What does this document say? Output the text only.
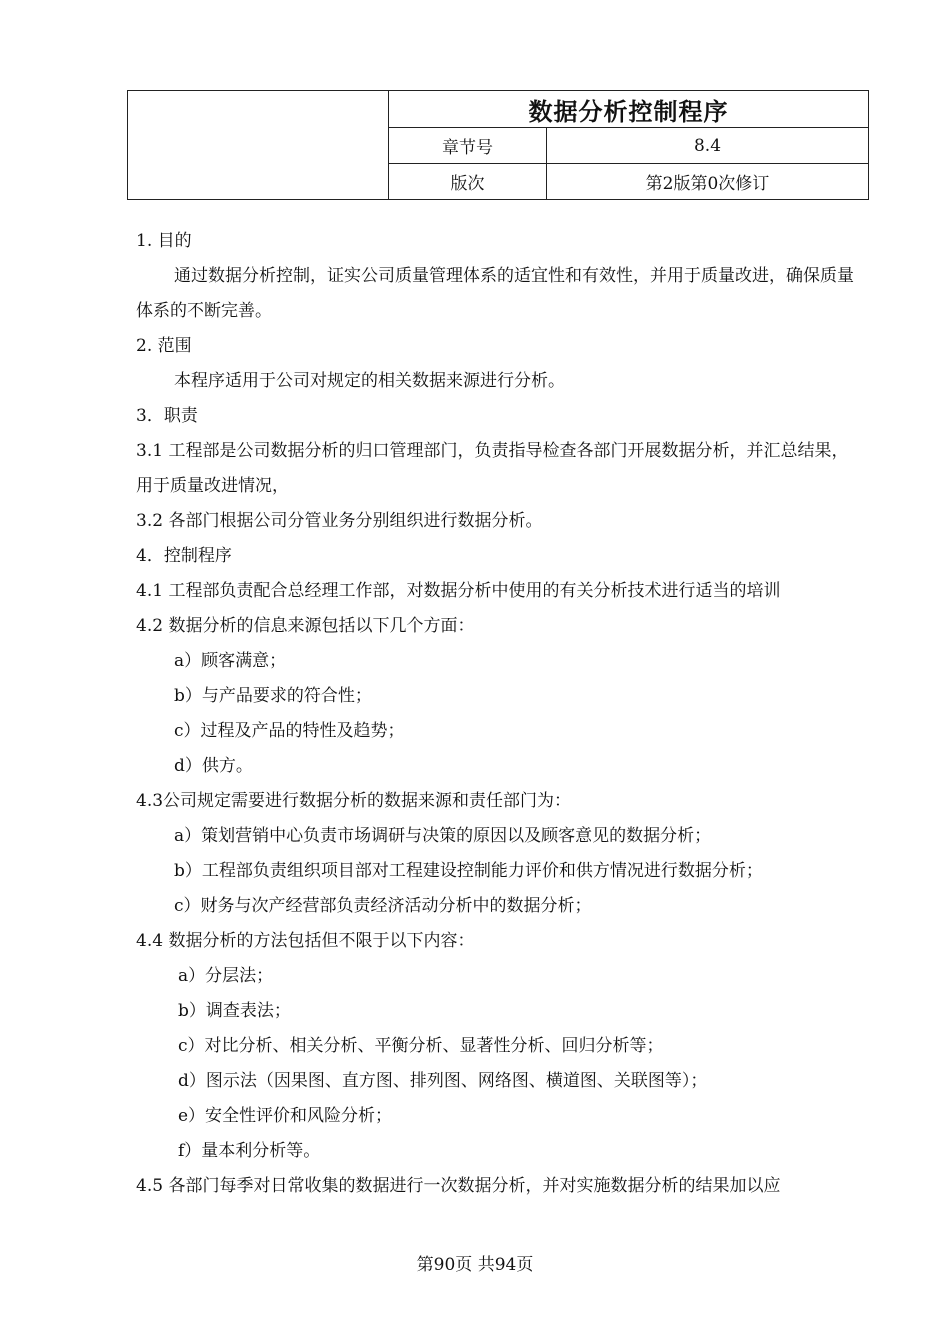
	数据分析控制程序	
	章节号	8.4
	版次	第2版第0次修订

1. 目的

通过数据分析控制，证实公司质量管理体系的适宜性和有效性，并用于质量改进，确保质量体系的不断完善。

2. 范围

本程序适用于公司对规定的相关数据来源进行分析。

3．职责

3.1 工程部是公司数据分析的归口管理部门，负责指导检查各部门开展数据分析，并汇总结果，用于质量改进情况，

3.2 各部门根据公司分管业务分别组织进行数据分析。

4．控制程序

4.1 工程部负责配合总经理工作部，对数据分析中使用的有关分析技术进行适当的培训

4.2 数据分析的信息来源包括以下几个方面：

a）顾客满意；

b）与产品要求的符合性；

c）过程及产品的特性及趋势；

d）供方。

4.3公司规定需要进行数据分析的数据来源和责任部门为：

a）策划营销中心负责市场调研与决策的原因以及顾客意见的数据分析；

b）工程部负责组织项目部对工程建设控制能力评价和供方情况进行数据分析；

c）财务与次产经营部负责经济活动分析中的数据分析；

4.4 数据分析的方法包括但不限于以下内容：

a）分层法；

b）调查表法；

c）对比分析、相关分析、平衡分析、显著性分析、回归分析等；

d）图示法（因果图、直方图、排列图、网络图、横道图、关联图等）；

e）安全性评价和风险分析；

f）量本利分析等。

4.5 各部门每季对日常收集的数据进行一次数据分析，并对实施数据分析的结果加以应

第90页 共94页
